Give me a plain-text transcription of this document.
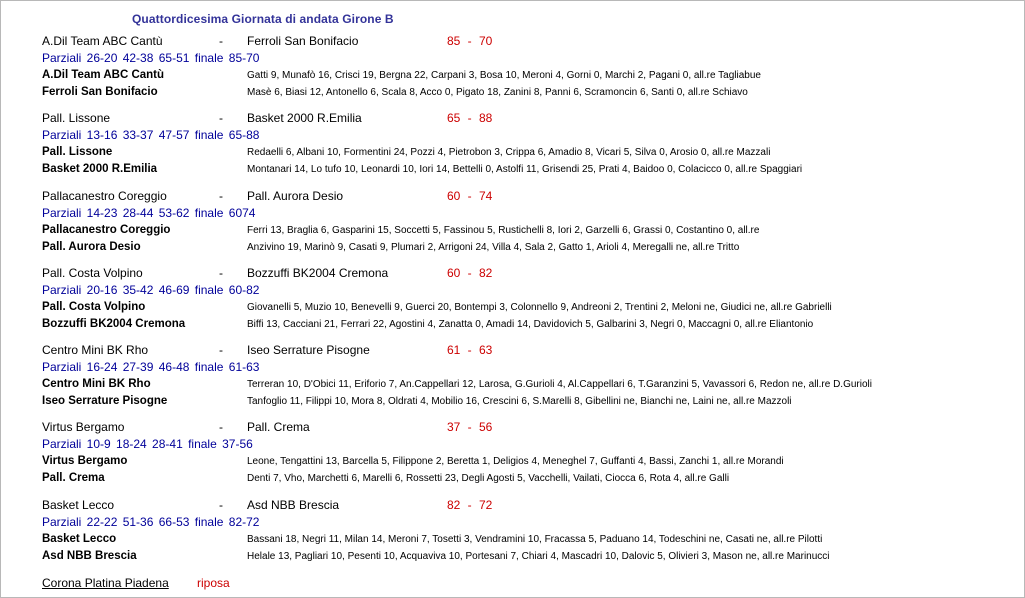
Quattordicesima Giornata di andata Girone B
A.Dil Team ABC Cantù	- Ferroli San Bonifacio	85 - 70
Parziali 26-20 42-38 65-51 finale 85-70
A.Dil Team ABC Cantù	Gatti 9, Munafò 16, Crisci 19, Bergna 22, Carpani 3, Bosa 10, Meroni 4, Gorni 0, Marchi 2, Pagani 0, all.re Tagliabue
Ferroli San Bonifacio	Masè 6, Biasi 12, Antonello 6, Scala 8, Acco 0, Pigato 18, Zanini 8, Panni 6, Scramoncin 6, Santi 0, all.re Schiavo
Pall. Lissone	- Basket 2000 R.Emilia	65 - 88
Parziali 13-16 33-37 47-57 finale 65-88
Pall. Lissone	Redaelli 6, Albani 10, Formentini 24, Pozzi 4, Pietrobon 3, Crippa 6, Amadio 8, Vicari 5, Silva 0, Arosio 0, all.re Mazzali
Basket 2000 R.Emilia	Montanari 14, Lo tufo 10, Leonardi 10, Iori 14, Bettelli 0, Astolfi 11, Grisendi 25, Prati 4, Baidoo 0, Colacicco 0, all.re Spaggiari
Pallacanestro Coreggio	- Pall. Aurora Desio	60 - 74
Parziali 14-23 28-44 53-62 finale 6074
Pallacanestro Coreggio	Ferri 13, Braglia 6, Gasparini 15, Soccetti 5, Fassinou 5, Rustichelli 8, Iori 2, Garzelli 6, Grassi 0, Costantino 0, all.re
Pall. Aurora Desio	Anzivino 19, Marinò 9, Casati 9, Plumari 2, Arrigoni 24, Villa 4, Sala 2, Gatto 1, Arioli 4, Meregalli ne, all.re Tritto
Pall. Costa Volpino	- Bozzuffi BK2004 Cremona	60 - 82
Parziali 20-16 35-42 46-69 finale 60-82
Pall. Costa Volpino	Giovanelli 5, Muzio 10, Benevelli 9, Guerci 20, Bontempi 3, Colonnello 9, Andreoni 2, Trentini 2, Meloni ne, Giudici ne, all.re Gabrielli
Bozzuffi BK2004 Cremona	Biffi 13, Cacciani 21, Ferrari 22, Agostini 4, Zanatta 0, Amadi 14, Davidovich 5, Galbarini 3, Negri 0, Maccagni 0, all.re Eliantonio
Centro Mini BK Rho	- Iseo Serrature Pisogne	61 - 63
Parziali 16-24 27-39 46-48 finale 61-63
Centro Mini BK Rho	Terreran 10, D'Obici 11, Eriforio 7, An.Cappellari 12, Larosa, G.Gurioli 4, Al.Cappellari 6, T.Garanzini 5, Vavassori 6, Redon ne, all.re D.Gurioli
Iseo Serrature Pisogne	Tanfoglio 11, Filippi 10, Mora 8, Oldrati 4, Mobilio 16, Crescini 6, S.Marelli 8, Gibellini ne, Bianchi ne, Laini ne, all.re Mazzoli
Virtus Bergamo	- Pall. Crema	37 - 56
Parziali 10-9 18-24 28-41 finale 37-56
Virtus Bergamo	Leone, Tengattini 13, Barcella 5, Filippone 2, Beretta 1, Deligios 4, Meneghel 7, Guffanti 4, Bassi, Zanchi 1, all.re Morandi
Pall. Crema	Denti 7, Vho, Marchetti 6, Marelli 6, Rossetti 23, Degli Agosti 5, Vacchelli, Vailati, Ciocca 6, Rota 4, all.re Galli
Basket Lecco	- Asd NBB Brescia	82 - 72
Parziali 22-22 51-36 66-53 finale 82-72
Basket Lecco	Bassani 18, Negri 11, Milan 14, Meroni 7, Tosetti 3, Vendramini 10, Fracassa 5, Paduano 14, Todeschini ne, Casati ne, all.re Pilotti
Asd NBB Brescia	Helale 13, Pagliari 10, Pesenti 10, Acquaviva 10, Portesani 7, Chiari 4, Mascadri 10, Dalovic 5, Olivieri 3, Mason ne, all.re Marinucci
Corona Platina Piadena riposa
